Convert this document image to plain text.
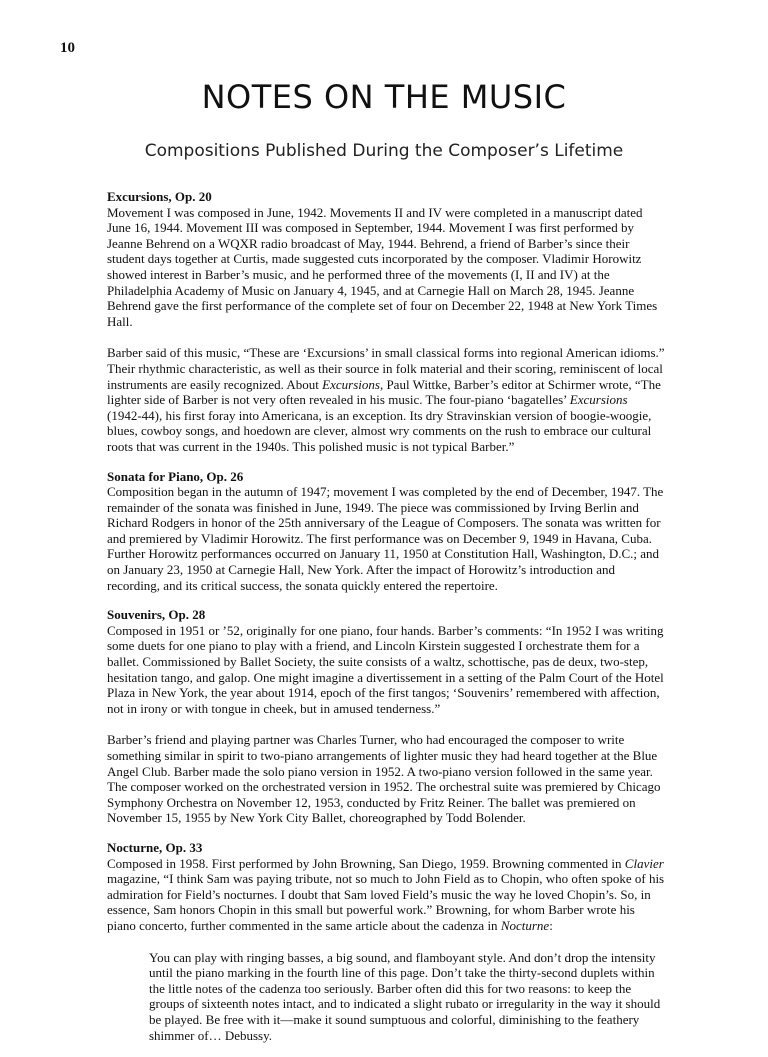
10
NOTES ON THE MUSIC
Compositions Published During the Composer’s Lifetime

Excursions, Op. 20

Movement I was composed in June, 1942. Movements II and IV were completed in a manuscript dated June 16, 1944. Movement III was composed in September, 1944. Movement I was first performed by Jeanne Behrend on a WQXR radio broadcast of May, 1944. Behrend, a friend of Barber’s since their student days together at Curtis, made suggested cuts incorporated by the composer. Vladimir Horowitz showed interest in Barber’s music, and he performed three of the movements (I, II and IV) at the Philadelphia Academy of Music on January 4, 1945, and at Carnegie Hall on March 28, 1945. Jeanne Behrend gave the first performance of the complete set of four on December 22, 1948 at New York Times Hall.

Barber said of this music, “These are ‘Excursions’ in small classical forms into regional American idioms.” Their rhythmic characteristic, as well as their source in folk material and their scoring, reminiscent of local instruments are easily recognized. About Excursions, Paul Wittke, Barber’s editor at Schirmer wrote, “The lighter side of Barber is not very often revealed in his music. The four-piano ‘bagatelles’ Excursions (1942-44), his first foray into Americana, is an exception. Its dry Stravinskian version of boogie-woogie, blues, cowboy songs, and hoedown are clever, almost wry comments on the rush to embrace our cultural roots that was current in the 1940s. This polished music is not typical Barber.”

Sonata for Piano, Op. 26

Composition began in the autumn of 1947; movement I was completed by the end of December, 1947. The remainder of the sonata was finished in June, 1949. The piece was commissioned by Irving Berlin and Richard Rodgers in honor of the 25th anniversary of the League of Composers. The sonata was written for and premiered by Vladimir Horowitz. The first performance was on December 9, 1949 in Havana, Cuba. Further Horowitz performances occurred on January 11, 1950 at Constitution Hall, Washington, D.C.; and on January 23, 1950 at Carnegie Hall, New York. After the impact of Horowitz’s introduction and recording, and its critical success, the sonata quickly entered the repertoire.

Souvenirs, Op. 28

Composed in 1951 or ’52, originally for one piano, four hands. Barber’s comments: “In 1952 I was writing some duets for one piano to play with a friend, and Lincoln Kirstein suggested I orchestrate them for a ballet. Commissioned by Ballet Society, the suite consists of a waltz, schottische, pas de deux, two-step, hesitation tango, and galop. One might imagine a divertissement in a setting of the Palm Court of the Hotel Plaza in New York, the year about 1914, epoch of the first tangos; ‘Souvenirs’ remembered with affection, not in irony or with tongue in cheek, but in amused tenderness.”

Barber’s friend and playing partner was Charles Turner, who had encouraged the composer to write something similar in spirit to two-piano arrangements of lighter music they had heard together at the Blue Angel Club. Barber made the solo piano version in 1952. A two-piano version followed in the same year. The composer worked on the orchestrated version in 1952. The orchestral suite was premiered by Chicago Symphony Orchestra on November 12, 1953, conducted by Fritz Reiner. The ballet was premiered on November 15, 1955 by New York City Ballet, choreographed by Todd Bolender.

Nocturne, Op. 33

Composed in 1958. First performed by John Browning, San Diego, 1959. Browning commented in Clavier magazine, “I think Sam was paying tribute, not so much to John Field as to Chopin, who often spoke of his admiration for Field’s nocturnes. I doubt that Sam loved Field’s music the way he loved Chopin’s. So, in essence, Sam honors Chopin in this small but powerful work.” Browning, for whom Barber wrote his piano concerto, further commented in the same article about the cadenza in Nocturne:

You can play with ringing basses, a big sound, and flamboyant style. And don’t drop the intensity until the piano marking in the fourth line of this page. Don’t take the thirty-second duplets within the little notes of the cadenza too seriously. Barber often did this for two reasons: to keep the groups of sixteenth notes intact, and to indicated a slight rubato or irregularity in the way it should be played. Be free with it—make it sound sumptuous and colorful, diminishing to the feathery shimmer of… Debussy.
